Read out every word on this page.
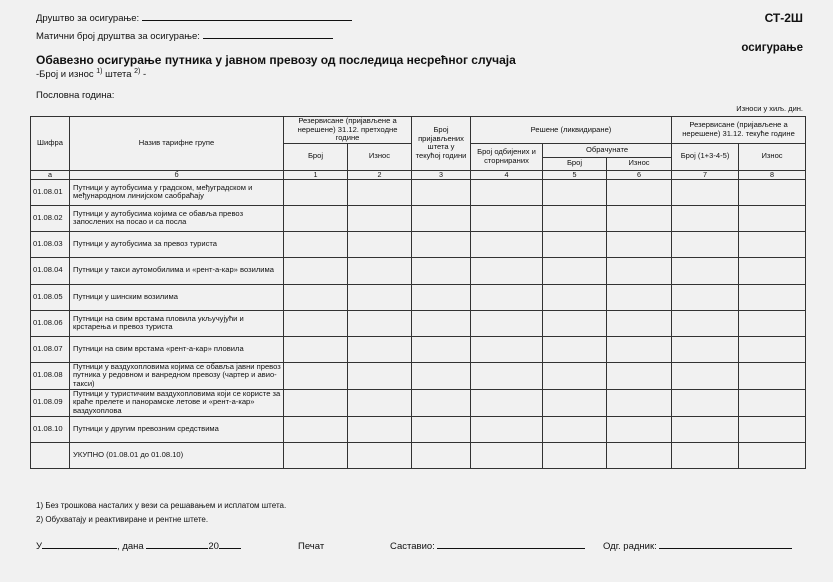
Друштво за осигурање:
Матични број друштва за осигурање:
СТ-2Ш
осигурање
Обавезно осигурање путника у јавном превозу од последица несрећног случаја
-Број и износ $^{1)}$ штета $^{2)}$ -
Пословна година:
Износи у хиљ. дин.
Шифра	Назив тарифне групе	Резервисане (пријављене а нерешене) 31.12. претходне године		Број пријављених штета у текућој години	Решене (ликвидиране)			Резервисане (пријављене а нерешене) 31.12. текуће године	
		Број	Износ		Број одбијених и сторнираних	Обрачунате		Број (1+3-4-5)	Износ
						Број	Износ		
а	б	1	2	3	4	5	6	7	8
01.08.01	Путници у аутобусима у градском, међуградском и међународном линијском саобраћају								
01.08.02	Путници у аутобусима којима се обавља превоз запослених на посао и са посла								
01.08.03	Путници у аутобусима за превоз туриста								
01.08.04	Путници у такси аутомобилима и «рент-а-кар» возилима								
01.08.05	Путници у шинским возилима								
01.08.06	Путници на свим врстама пловила укључујући и крстарења и превоз туриста								
01.08.07	Путници на свим врстама «рент-а-кар» пловила								
01.08.08	Путници у ваздухопловима којима се обавља јавни превоз путника у редовном и ванредном превозу (чартер и авио-такси)								
01.08.09	Путници у туристичким ваздухопловима који се користе за краће прелете и панорамске летове и «рент-а-кар» ваздухоплова								
01.08.10	Путници у другим превозним средствима								
	УКУПНО (01.08.01 до 01.08.10)								
1) Без трошкова насталих у вези са решавањем и исплатом штета.
2) Обухватају и реактивиране и рентне штете.
У	, дана	20	Печат	Саставио:	Одг. радник:
